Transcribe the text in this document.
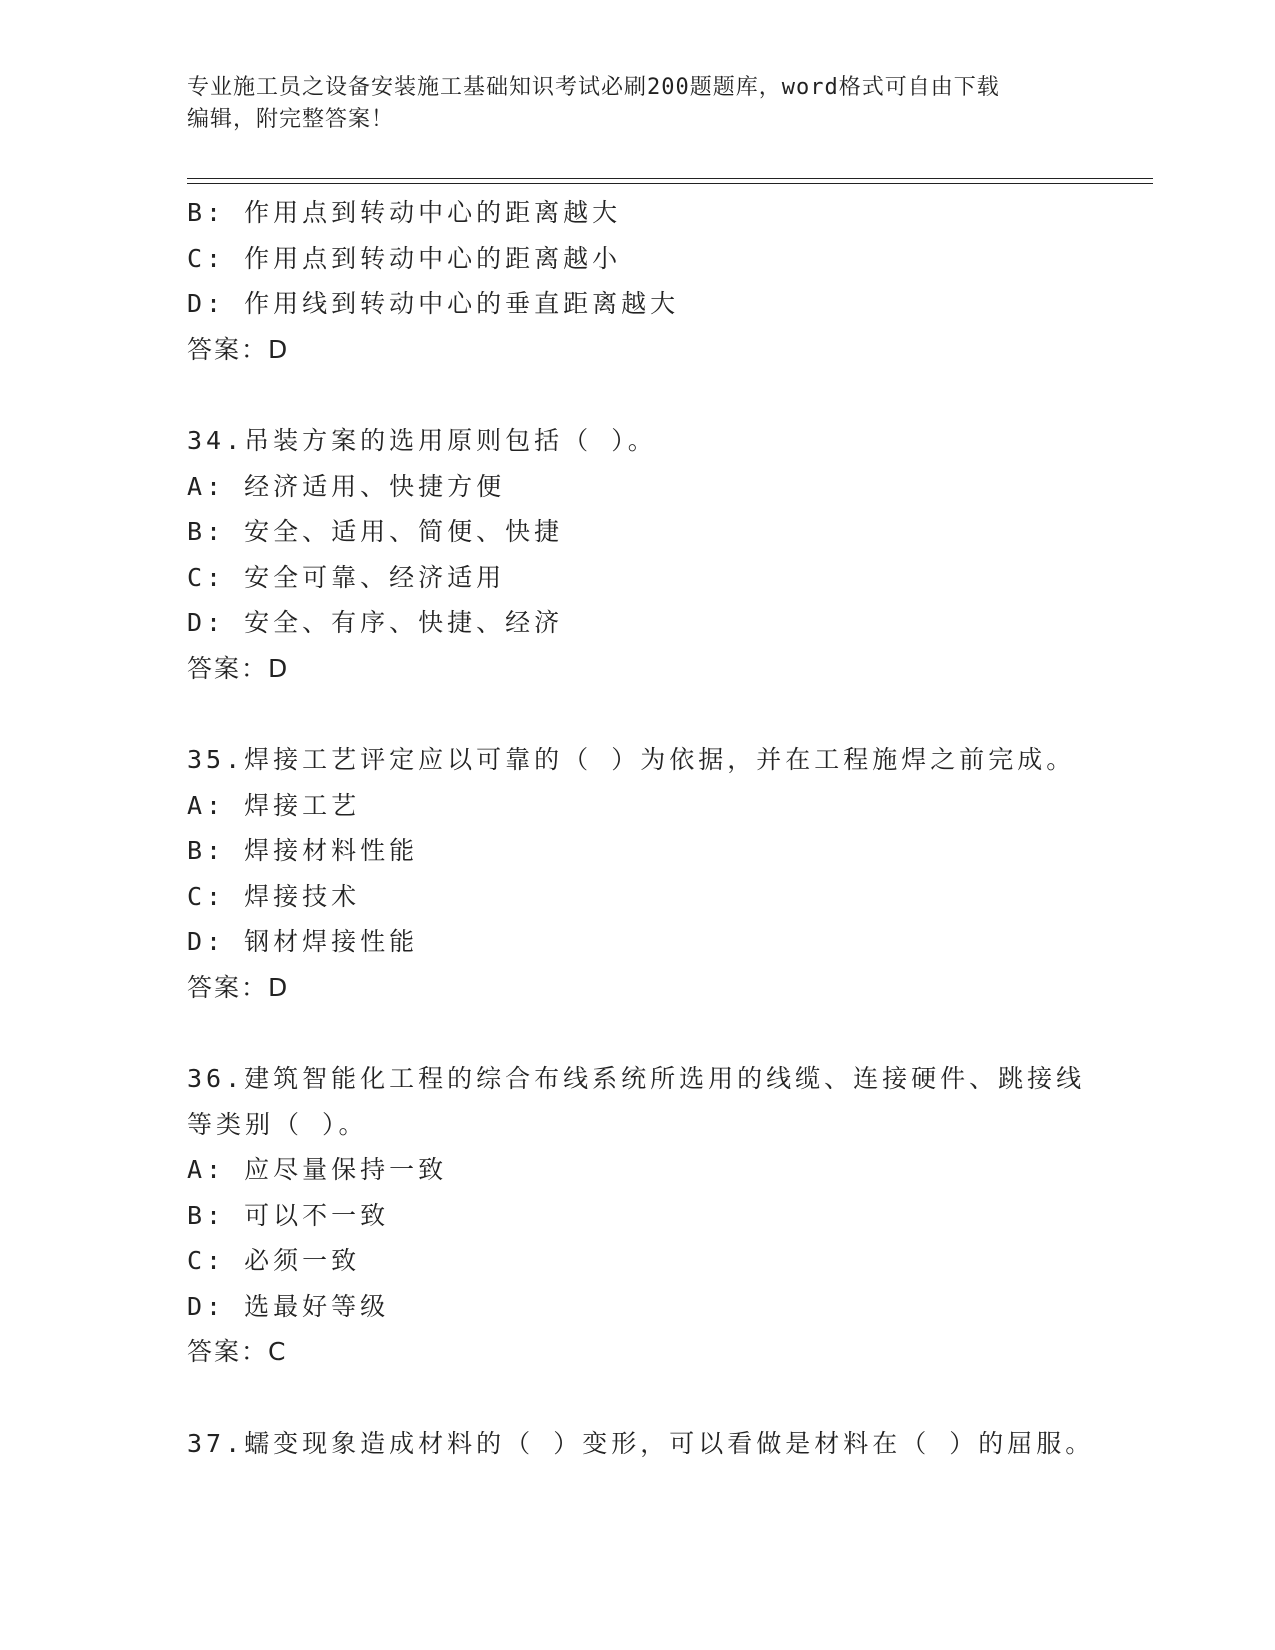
专业施工员之设备安装施工基础知识考试必刷200题题库，word格式可自由下载
编辑，附完整答案！
B: 作用点到转动中心的距离越大
C: 作用点到转动中心的距离越小
D: 作用线到转动中心的垂直距离越大
答案：D
34.吊装方案的选用原则包括（ ）。
A: 经济适用、快捷方便
B: 安全、适用、简便、快捷
C: 安全可靠、经济适用
D: 安全、有序、快捷、经济
答案：D
35.焊接工艺评定应以可靠的（ ）为依据，并在工程施焊之前完成。
A: 焊接工艺
B: 焊接材料性能
C: 焊接技术
D: 钢材焊接性能
答案：D
36.建筑智能化工程的综合布线系统所选用的线缆、连接硬件、跳接线
等类别（ ）。
A: 应尽量保持一致
B: 可以不一致
C: 必须一致
D: 选最好等级
答案：C
37.蠕变现象造成材料的（ ）变形，可以看做是材料在（ ）的屈服。
